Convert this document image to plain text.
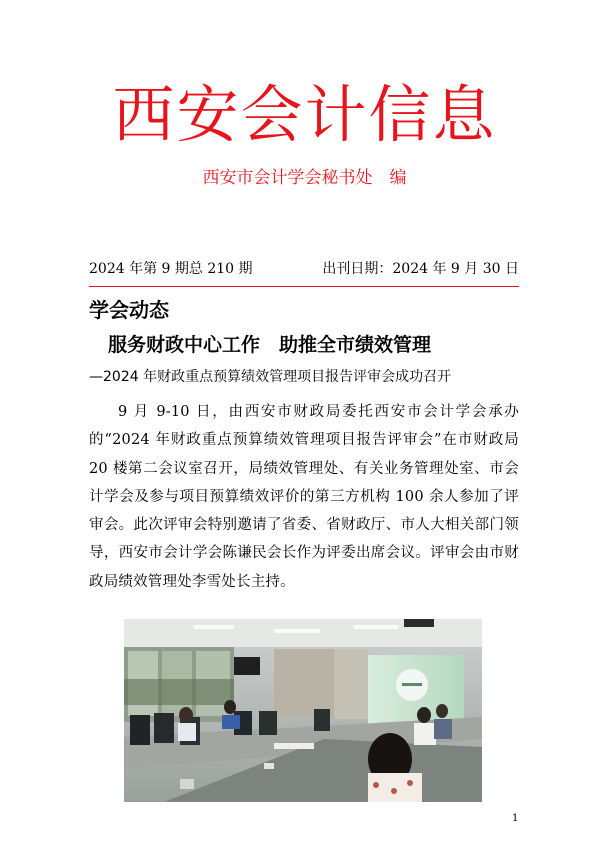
西安会计信息
西安市会计学会秘书处　编
2024 年第 9 期总 210 期	出刊日期：2024 年 9 月 30 日
学会动态
服务财政中心工作　助推全市绩效管理
—2024 年财政重点预算绩效管理项目报告评审会成功召开
9 月 9-10 日，由西安市财政局委托西安市会计学会承办的“2024 年财政重点预算绩效管理项目报告评审会”在市财政局 20 楼第二会议室召开，局绩效管理处、有关业务管理处室、市会计学会及参与项目预算绩效评价的第三方机构 100 余人参加了评审会。此次评审会特别邀请了省委、省财政厅、市人大相关部门领导，西安市会计学会陈谦民会长作为评委出席会议。评审会由市财政局绩效管理处李雪处长主持。
1
